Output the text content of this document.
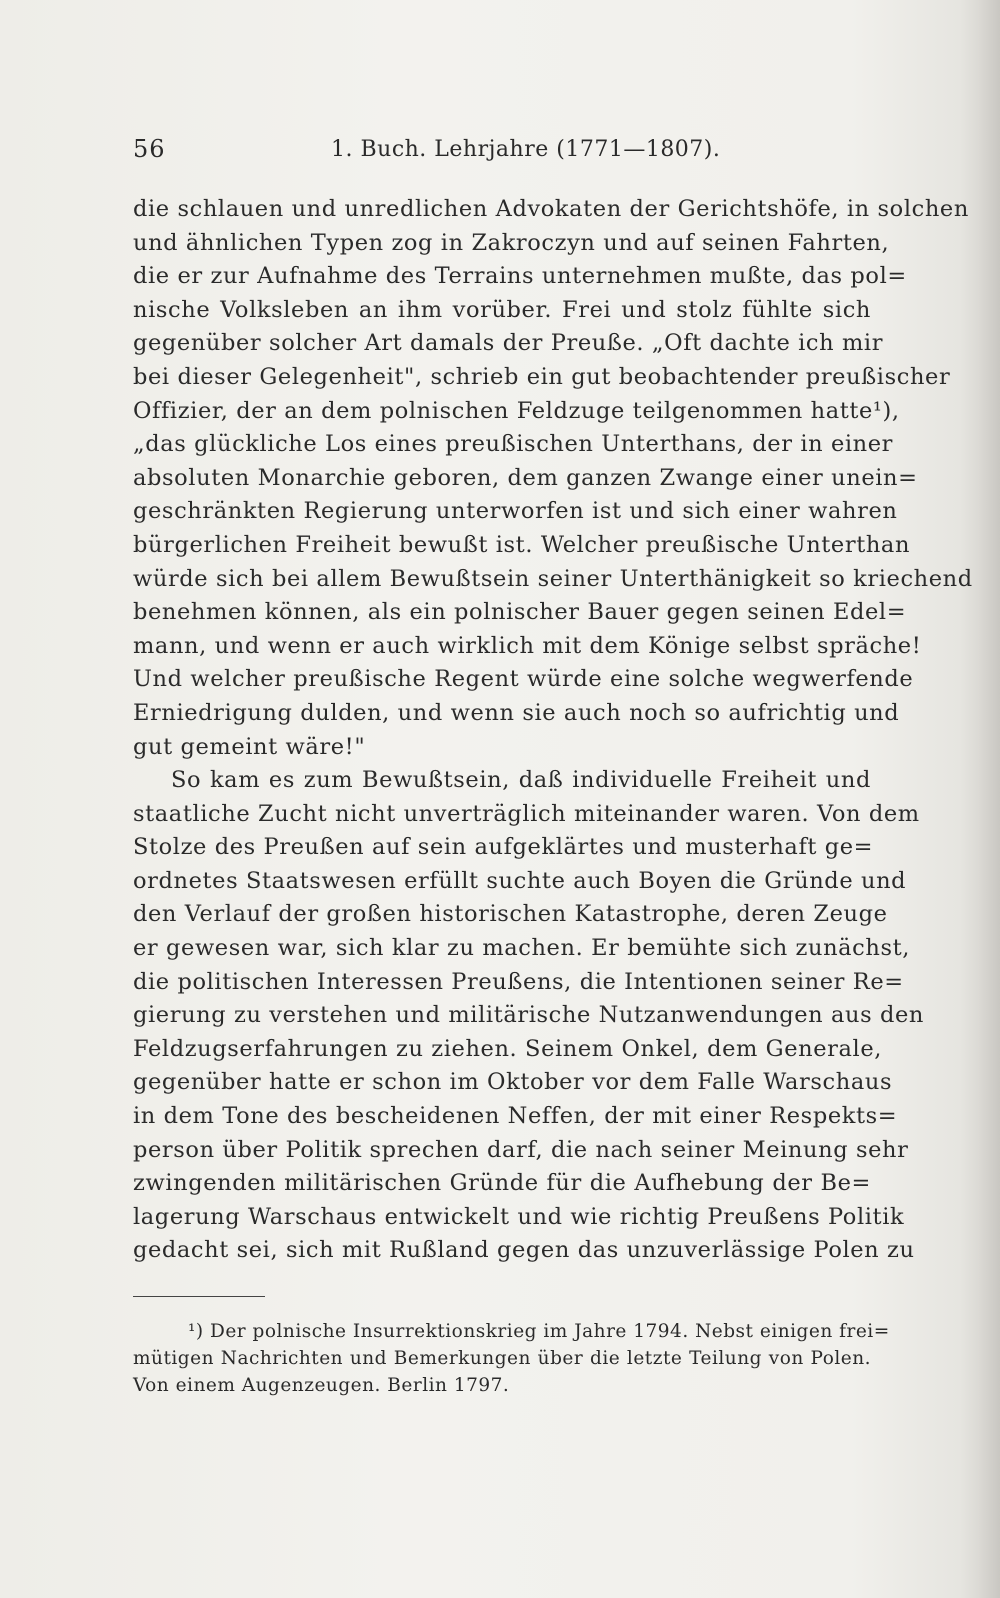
56	1. Buch. Lehrjahre (1771—1807).
die schlauen und unredlichen Advokaten der Gerichtshöfe, in solchen
und ähnlichen Typen zog in Zakroczyn und auf seinen Fahrten,
die er zur Aufnahme des Terrains unternehmen mußte, das pol=
nische Volksleben an ihm vorüber. Frei und stolz fühlte sich
gegenüber solcher Art damals der Preuße. „Oft dachte ich mir
bei dieser Gelegenheit", schrieb ein gut beobachtender preußischer
Offizier, der an dem polnischen Feldzuge teilgenommen hatte¹),
„das glückliche Los eines preußischen Unterthans, der in einer
absoluten Monarchie geboren, dem ganzen Zwange einer unein=
geschränkten Regierung unterworfen ist und sich einer wahren
bürgerlichen Freiheit bewußt ist. Welcher preußische Unterthan
würde sich bei allem Bewußtsein seiner Unterthänigkeit so kriechend
benehmen können, als ein polnischer Bauer gegen seinen Edel=
mann, und wenn er auch wirklich mit dem Könige selbst spräche!
Und welcher preußische Regent würde eine solche wegwerfende
Erniedrigung dulden, und wenn sie auch noch so aufrichtig und
gut gemeint wäre!"
So kam es zum Bewußtsein, daß individuelle Freiheit und
staatliche Zucht nicht unverträglich miteinander waren. Von dem
Stolze des Preußen auf sein aufgeklärtes und musterhaft ge=
ordnetes Staatswesen erfüllt suchte auch Boyen die Gründe und
den Verlauf der großen historischen Katastrophe, deren Zeuge
er gewesen war, sich klar zu machen. Er bemühte sich zunächst,
die politischen Interessen Preußens, die Intentionen seiner Re=
gierung zu verstehen und militärische Nutzanwendungen aus den
Feldzugserfahrungen zu ziehen. Seinem Onkel, dem Generale,
gegenüber hatte er schon im Oktober vor dem Falle Warschaus
in dem Tone des bescheidenen Neffen, der mit einer Respekts=
person über Politik sprechen darf, die nach seiner Meinung sehr
zwingenden militärischen Gründe für die Aufhebung der Be=
lagerung Warschaus entwickelt und wie richtig Preußens Politik
gedacht sei, sich mit Rußland gegen das unzuverlässige Polen zu
¹) Der polnische Insurrektionskrieg im Jahre 1794. Nebst einigen frei=
mütigen Nachrichten und Bemerkungen über die letzte Teilung von Polen.
Von einem Augenzeugen. Berlin 1797.
